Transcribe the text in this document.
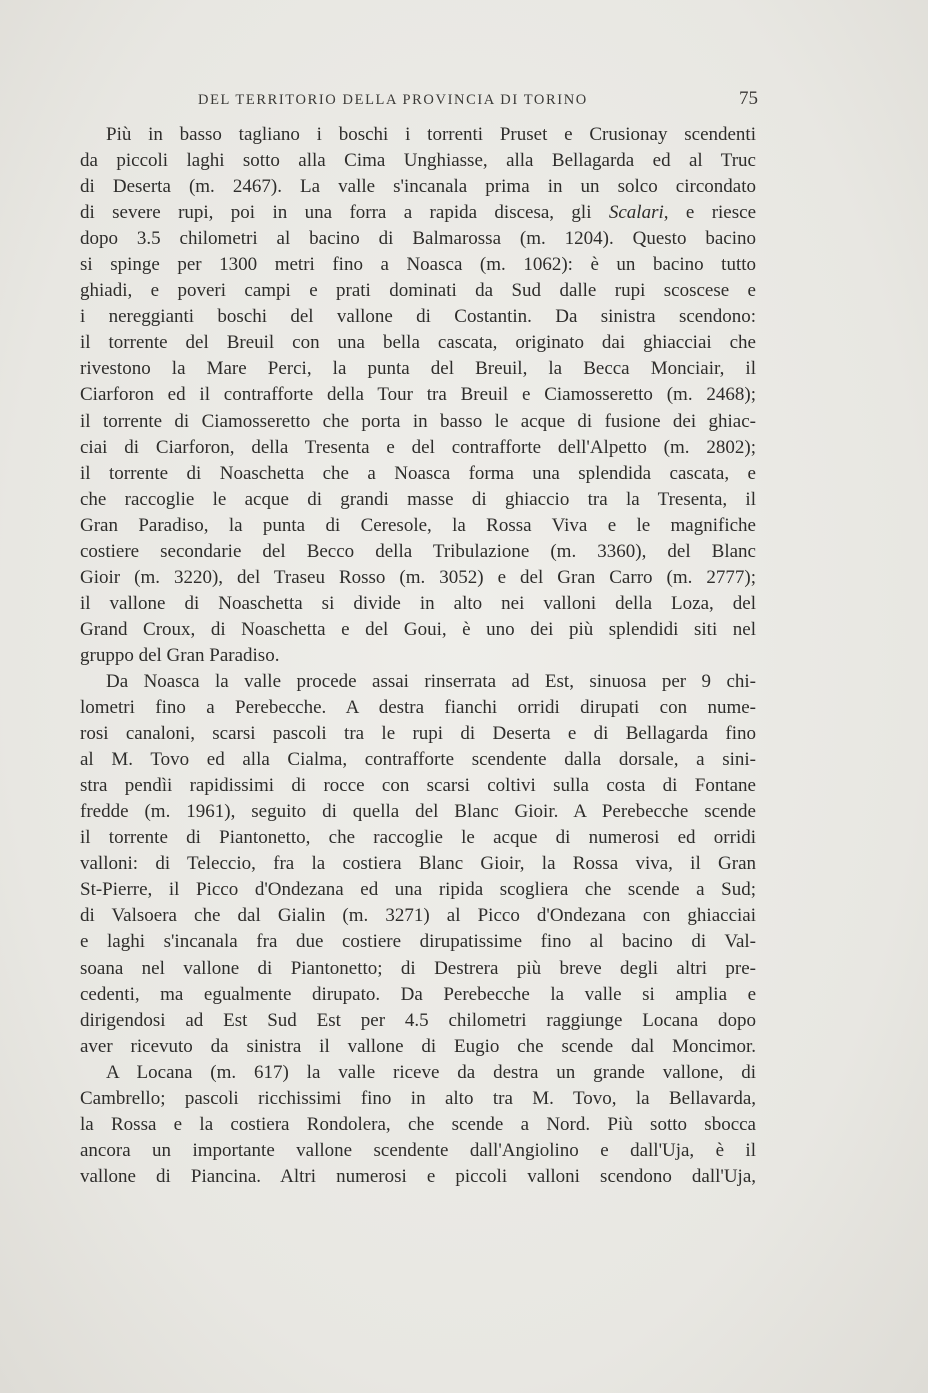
DEL TERRITORIO DELLA PROVINCIA DI TORINO	75
Più in basso tagliano i boschi i torrenti Pruset e Crusionay scendenti
da piccoli laghi sotto alla Cima Unghiasse, alla Bellagarda ed al Truc
di Deserta (m. 2467). La valle s'incanala prima in un solco circondato
di severe rupi, poi in una forra a rapida discesa, gli Scalari, e riesce
dopo 3.5 chilometri al bacino di Balmarossa (m. 1204). Questo bacino
si spinge per 1300 metri fino a Noasca (m. 1062): è un bacino tutto
ghiadi, e poveri campi e prati dominati da Sud dalle rupi scoscese e
i nereggianti boschi del vallone di Costantin. Da sinistra scendono:
il torrente del Breuil con una bella cascata, originato dai ghiacciai che
rivestono la Mare Perci, la punta del Breuil, la Becca Monciair, il
Ciarforon ed il contrafforte della Tour tra Breuil e Ciamosseretto (m. 2468);
il torrente di Ciamosseretto che porta in basso le acque di fusione dei ghiac-
ciai di Ciarforon, della Tresenta e del contrafforte dell'Alpetto (m. 2802);
il torrente di Noaschetta che a Noasca forma una splendida cascata, e
che raccoglie le acque di grandi masse di ghiaccio tra la Tresenta, il
Gran Paradiso, la punta di Ceresole, la Rossa Viva e le magnifiche
costiere secondarie del Becco della Tribulazione (m. 3360), del Blanc
Gioir (m. 3220), del Traseu Rosso (m. 3052) e del Gran Carro (m. 2777);
il vallone di Noaschetta si divide in alto nei valloni della Loza, del
Grand Croux, di Noaschetta e del Goui, è uno dei più splendidi siti nel
gruppo del Gran Paradiso.
Da Noasca la valle procede assai rinserrata ad Est, sinuosa per 9 chi-
lometri fino a Perebecche. A destra fianchi orridi dirupati con nume-
rosi canaloni, scarsi pascoli tra le rupi di Deserta e di Bellagarda fino
al M. Tovo ed alla Cialma, contrafforte scendente dalla dorsale, a sini-
stra pendìi rapidissimi di rocce con scarsi coltivi sulla costa di Fontane
fredde (m. 1961), seguito di quella del Blanc Gioir. A Perebecche scende
il torrente di Piantonetto, che raccoglie le acque di numerosi ed orridi
valloni: di Teleccio, fra la costiera Blanc Gioir, la Rossa viva, il Gran
St-Pierre, il Picco d'Ondezana ed una ripida scogliera che scende a Sud;
di Valsoera che dal Gialin (m. 3271) al Picco d'Ondezana con ghiacciai
e laghi s'incanala fra due costiere dirupatissime fino al bacino di Val-
soana nel vallone di Piantonetto; di Destrera più breve degli altri pre-
cedenti, ma egualmente dirupato. Da Perebecche la valle si amplia e
dirigendosi ad Est Sud Est per 4.5 chilometri raggiunge Locana dopo
aver ricevuto da sinistra il vallone di Eugio che scende dal Moncimor.
A Locana (m. 617) la valle riceve da destra un grande vallone, di
Cambrello; pascoli ricchissimi fino in alto tra M. Tovo, la Bellavarda,
la Rossa e la costiera Rondolera, che scende a Nord. Più sotto sbocca
ancora un importante vallone scendente dall'Angiolino e dall'Uja, è il
vallone di Piancina. Altri numerosi e piccoli valloni scendono dall'Uja,
